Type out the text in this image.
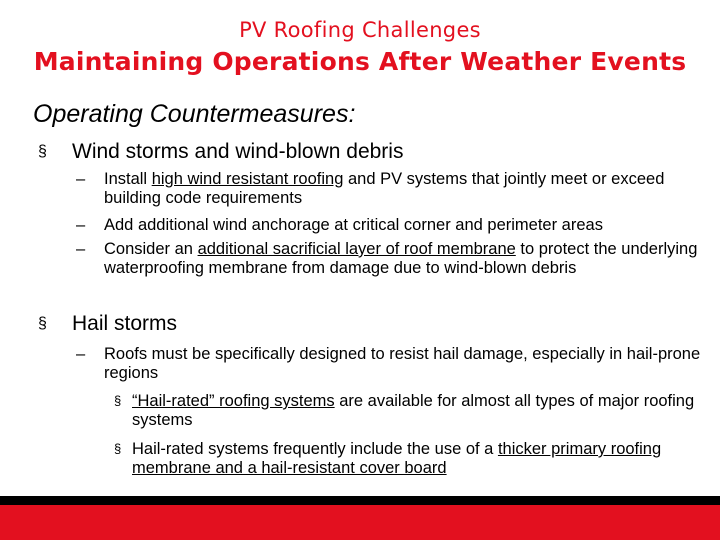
PV Roofing Challenges
Maintaining Operations After Weather Events
Operating Countermeasures:
§ Wind storms and wind-blown debris
– Install high wind resistant roofing and PV systems that jointly meet or exceed building code requirements
– Add additional wind anchorage at critical corner and perimeter areas
– Consider an additional sacrificial layer of roof membrane to protect the underlying waterproofing membrane from damage due to wind-blown debris
§ Hail storms
– Roofs must be specifically designed to resist hail damage, especially in hail-prone regions
§ “Hail-rated” roofing systems are available for almost all types of major roofing systems
§ Hail-rated systems frequently include the use of a thicker primary roofing membrane and a hail-resistant cover board
